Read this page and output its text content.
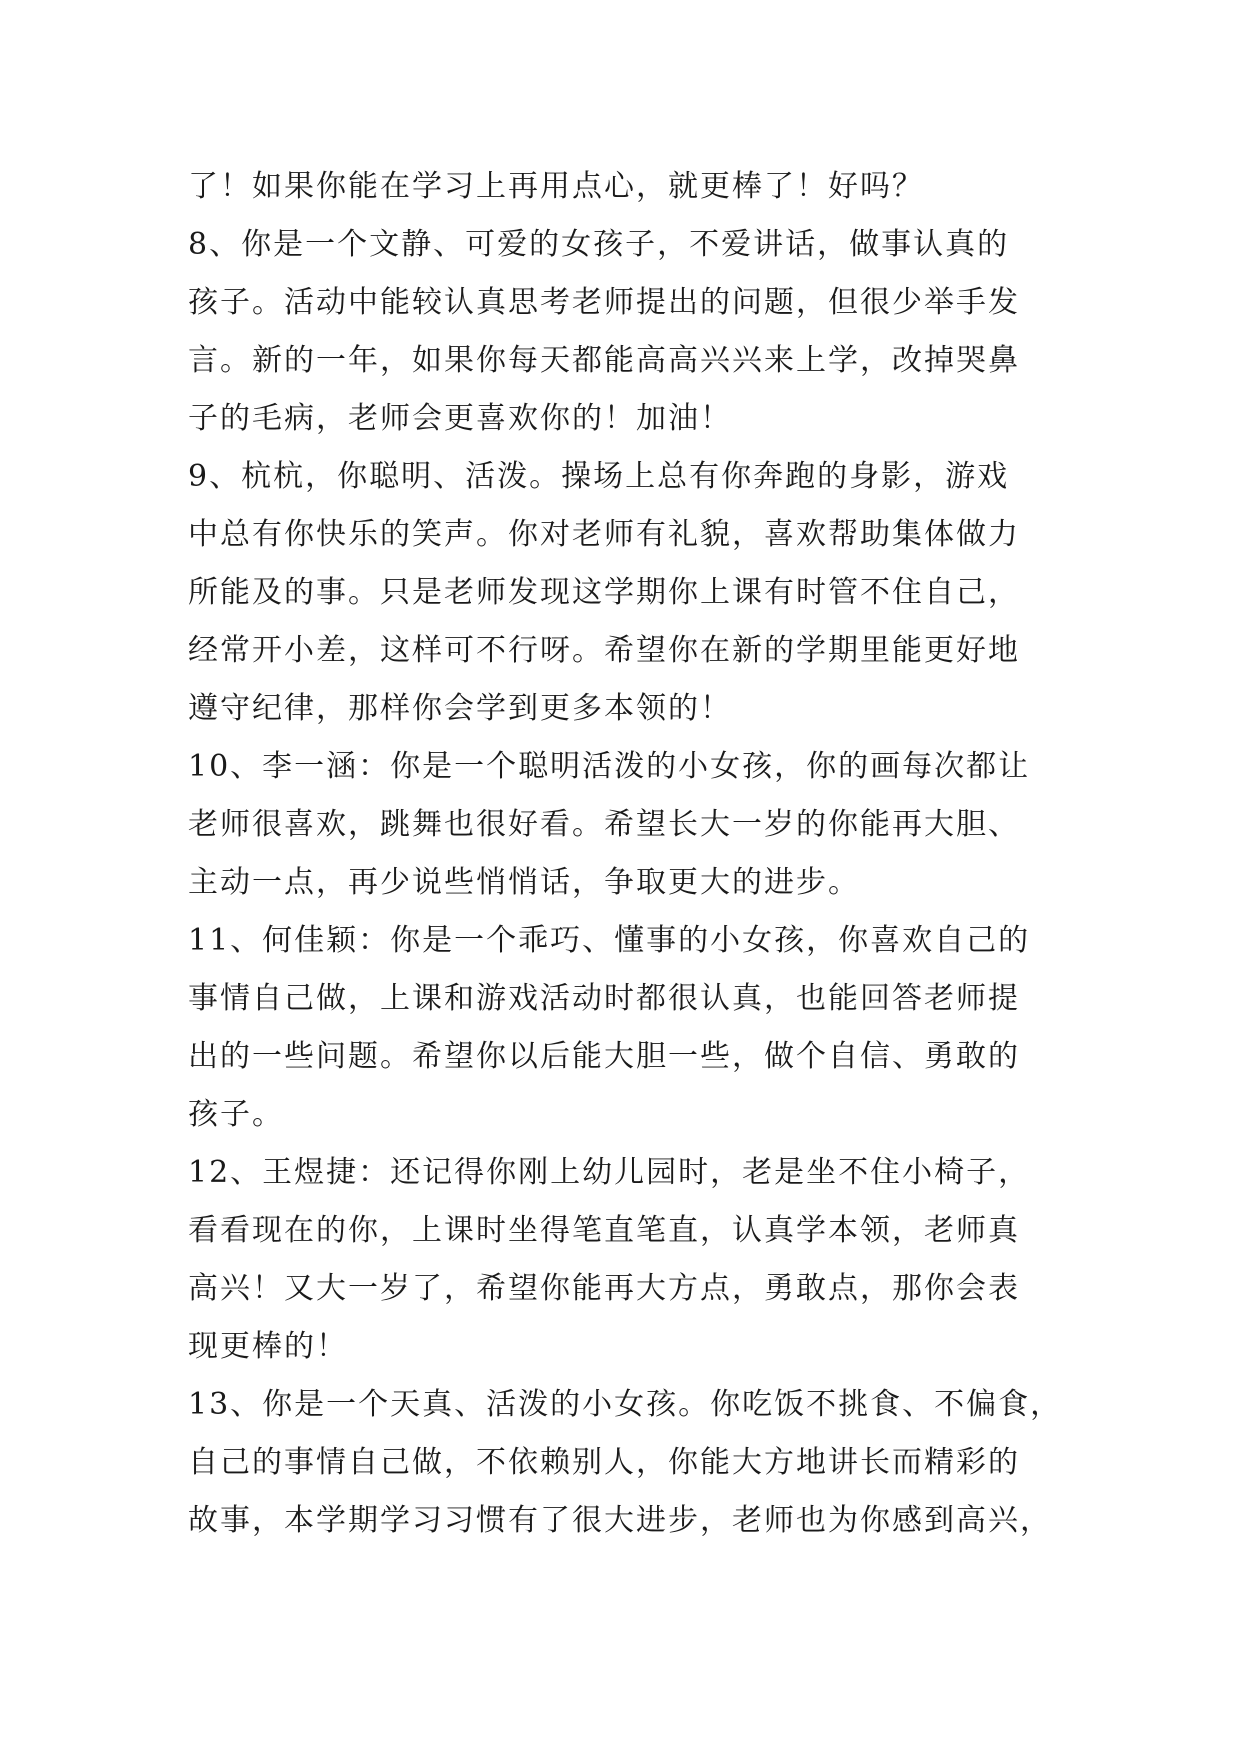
了！如果你能在学习上再用点心，就更棒了！好吗？
8、你是一个文静、可爱的女孩子，不爱讲话，做事认真的
孩子。活动中能较认真思考老师提出的问题，但很少举手发
言。新的一年，如果你每天都能高高兴兴来上学，改掉哭鼻
子的毛病，老师会更喜欢你的！加油！
9、杭杭，你聪明、活泼。操场上总有你奔跑的身影，游戏
中总有你快乐的笑声。你对老师有礼貌，喜欢帮助集体做力
所能及的事。只是老师发现这学期你上课有时管不住自己，
经常开小差，这样可不行呀。希望你在新的学期里能更好地
遵守纪律，那样你会学到更多本领的！
10、李一涵：你是一个聪明活泼的小女孩，你的画每次都让
老师很喜欢，跳舞也很好看。希望长大一岁的你能再大胆、
主动一点，再少说些悄悄话，争取更大的进步。
11、何佳颖：你是一个乖巧、懂事的小女孩，你喜欢自己的
事情自己做，上课和游戏活动时都很认真，也能回答老师提
出的一些问题。希望你以后能大胆一些，做个自信、勇敢的
孩子。
12、王煜捷：还记得你刚上幼儿园时，老是坐不住小椅子，
看看现在的你，上课时坐得笔直笔直，认真学本领，老师真
高兴！又大一岁了，希望你能再大方点，勇敢点，那你会表
现更棒的！
13、你是一个天真、活泼的小女孩。你吃饭不挑食、不偏食，
自己的事情自己做，不依赖别人，你能大方地讲长而精彩的
故事，本学期学习习惯有了很大进步，老师也为你感到高兴，
